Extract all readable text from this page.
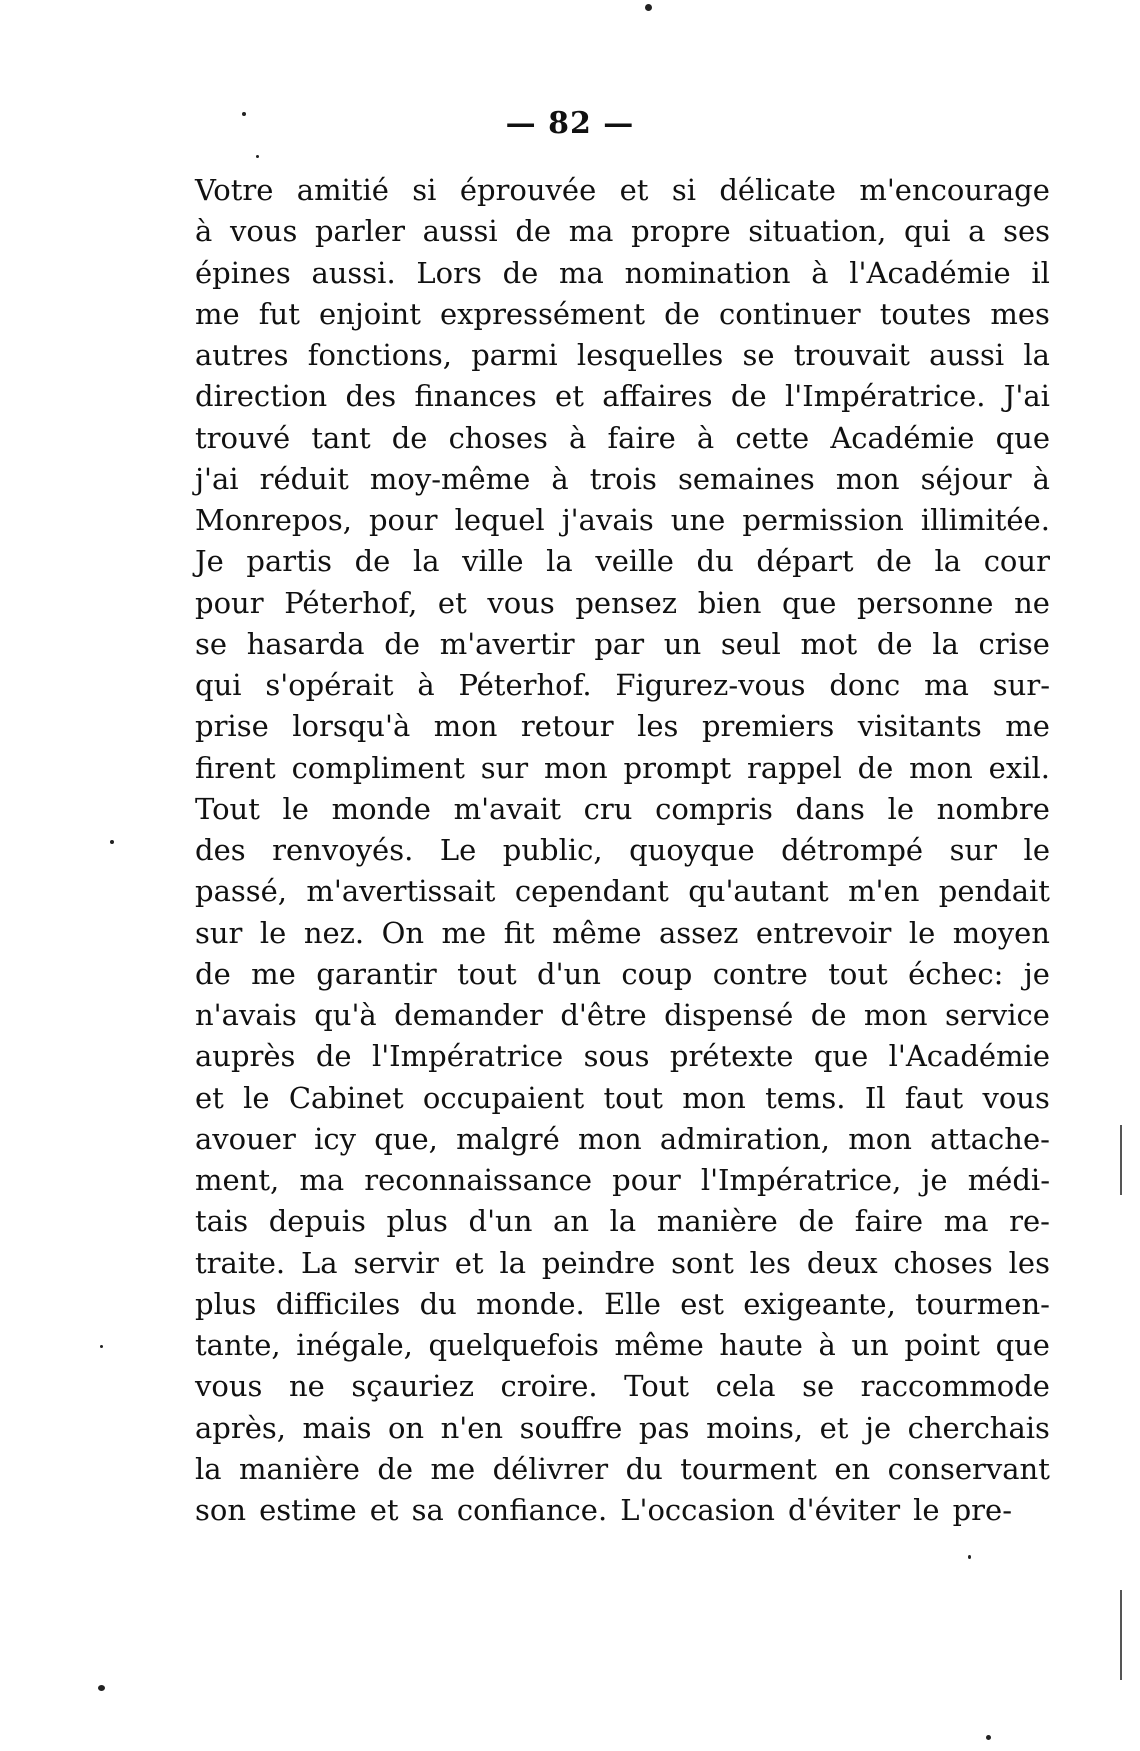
— 82 —
Votre amitié si éprouvée et si délicate m'encourage
à vous parler aussi de ma propre situation, qui a ses
épines aussi. Lors de ma nomination à l'Académie il
me fut enjoint expressément de continuer toutes mes
autres fonctions, parmi lesquelles se trouvait aussi la
direction des finances et affaires de l'Impératrice. J'ai
trouvé tant de choses à faire à cette Académie que
j'ai réduit moy-même à trois semaines mon séjour à
Monrepos, pour lequel j'avais une permission illimitée.
Je partis de la ville la veille du départ de la cour
pour Péterhof, et vous pensez bien que personne ne
se hasarda de m'avertir par un seul mot de la crise
qui s'opérait à Péterhof. Figurez-vous donc ma sur-
prise lorsqu'à mon retour les premiers visitants me
firent compliment sur mon prompt rappel de mon exil.
Tout le monde m'avait cru compris dans le nombre
des renvoyés. Le public, quoyque détrompé sur le
passé, m'avertissait cependant qu'autant m'en pendait
sur le nez. On me fit même assez entrevoir le moyen
de me garantir tout d'un coup contre tout échec: je
n'avais qu'à demander d'être dispensé de mon service
auprès de l'Impératrice sous prétexte que l'Académie
et le Cabinet occupaient tout mon tems. Il faut vous
avouer icy que, malgré mon admiration, mon attache-
ment, ma reconnaissance pour l'Impératrice, je médi-
tais depuis plus d'un an la manière de faire ma re-
traite. La servir et la peindre sont les deux choses les
plus difficiles du monde. Elle est exigeante, tourmen-
tante, inégale, quelquefois même haute à un point que
vous ne sçauriez croire. Tout cela se raccommode
après, mais on n'en souffre pas moins, et je cherchais
la manière de me délivrer du tourment en conservant
son estime et sa confiance. L'occasion d'éviter le pre-
